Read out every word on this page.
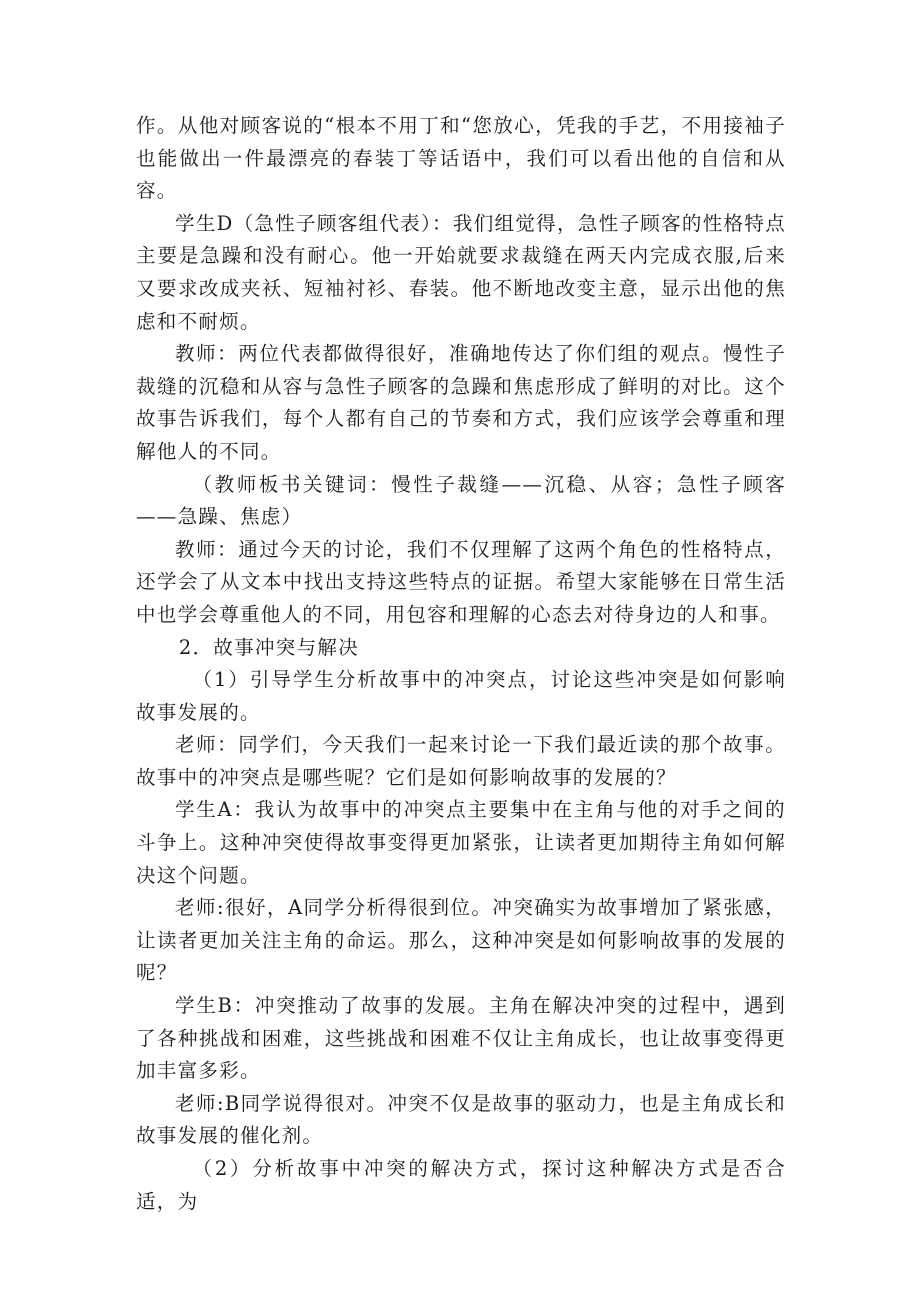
作。从他对顾客说的“根本不用丁和“您放心，凭我的手艺，不用接袖子也能做出一件最漂亮的春装丁等话语中，我们可以看出他的自信和从容。

学生D（急性子顾客组代表）：我们组觉得，急性子顾客的性格特点主要是急躁和没有耐心。他一开始就要求裁缝在两天内完成衣服,后来又要求改成夹袄、短袖衬衫、春装。他不断地改变主意，显示出他的焦虑和不耐烦。

教师：两位代表都做得很好，准确地传达了你们组的观点。慢性子裁缝的沉稳和从容与急性子顾客的急躁和焦虑形成了鲜明的对比。这个故事告诉我们，每个人都有自己的节奏和方式，我们应该学会尊重和理解他人的不同。

（教师板书关键词：慢性子裁缝——沉稳、从容；急性子顾客——急躁、焦虑）

教师：通过今天的讨论，我们不仅理解了这两个角色的性格特点，还学会了从文本中找出支持这些特点的证据。希望大家能够在日常生活中也学会尊重他人的不同，用包容和理解的心态去对待身边的人和事。

2．故事冲突与解决

（1）引导学生分析故事中的冲突点，讨论这些冲突是如何影响故事发展的。

老师：同学们，今天我们一起来讨论一下我们最近读的那个故事。故事中的冲突点是哪些呢？它们是如何影响故事的发展的？

学生A：我认为故事中的冲突点主要集中在主角与他的对手之间的斗争上。这种冲突使得故事变得更加紧张，让读者更加期待主角如何解决这个问题。

老师:很好，A同学分析得很到位。冲突确实为故事增加了紧张感，让读者更加关注主角的命运。那么，这种冲突是如何影响故事的发展的呢？

学生B：冲突推动了故事的发展。主角在解决冲突的过程中，遇到了各种挑战和困难，这些挑战和困难不仅让主角成长，也让故事变得更加丰富多彩。

老师:B同学说得很对。冲突不仅是故事的驱动力，也是主角成长和故事发展的催化剂。

（2）分析故事中冲突的解决方式，探讨这种解决方式是否合适，为
